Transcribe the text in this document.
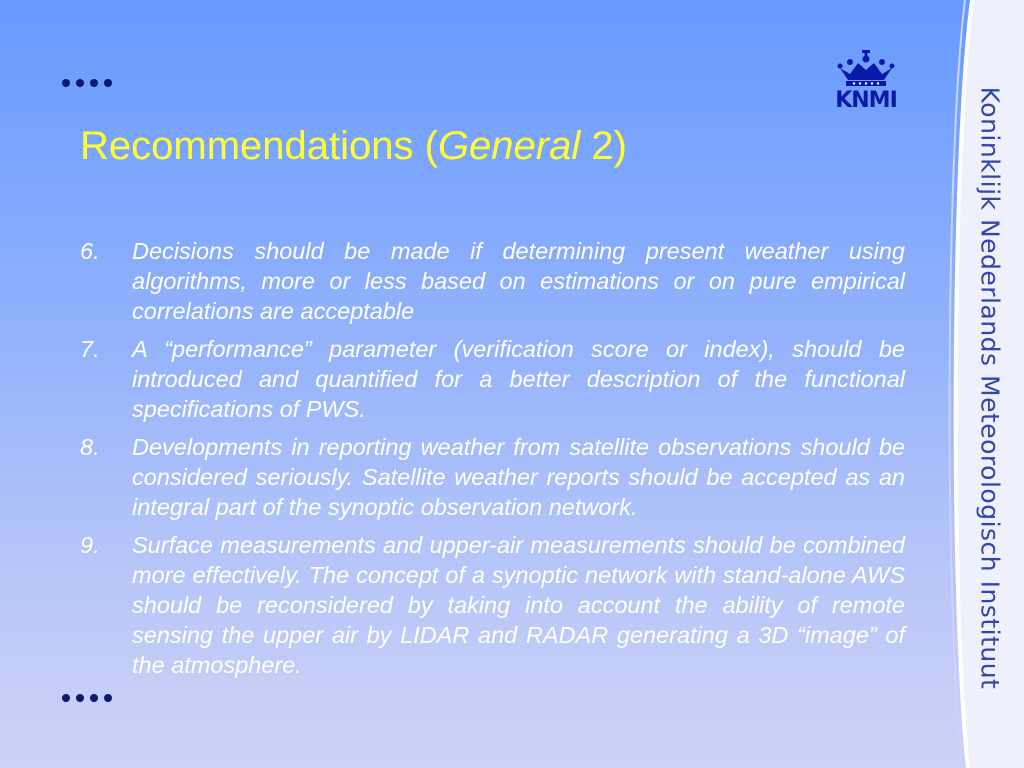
KNMI
Recommendations (General 2)
6.	Decisions should be made if determining present weather using algorithms, more or less based on estimations or on pure empirical correlations are acceptable
7.	A “performance” parameter (verification score or index), should be introduced and quantified for a better description of the functional specifications of PWS.
8.	Developments in reporting weather from satellite observations should be considered seriously. Satellite weather reports should be accepted as an integral part of the synoptic observation network.
9.	Surface measurements and upper-air measurements should be combined more effectively. The concept of a synoptic network with stand-alone AWS should be reconsidered by taking into account the ability of remote sensing the upper air by LIDAR and RADAR generating a 3D “image” of the atmosphere.	Koninklijk Nederlands Meteorologisch Instituut
